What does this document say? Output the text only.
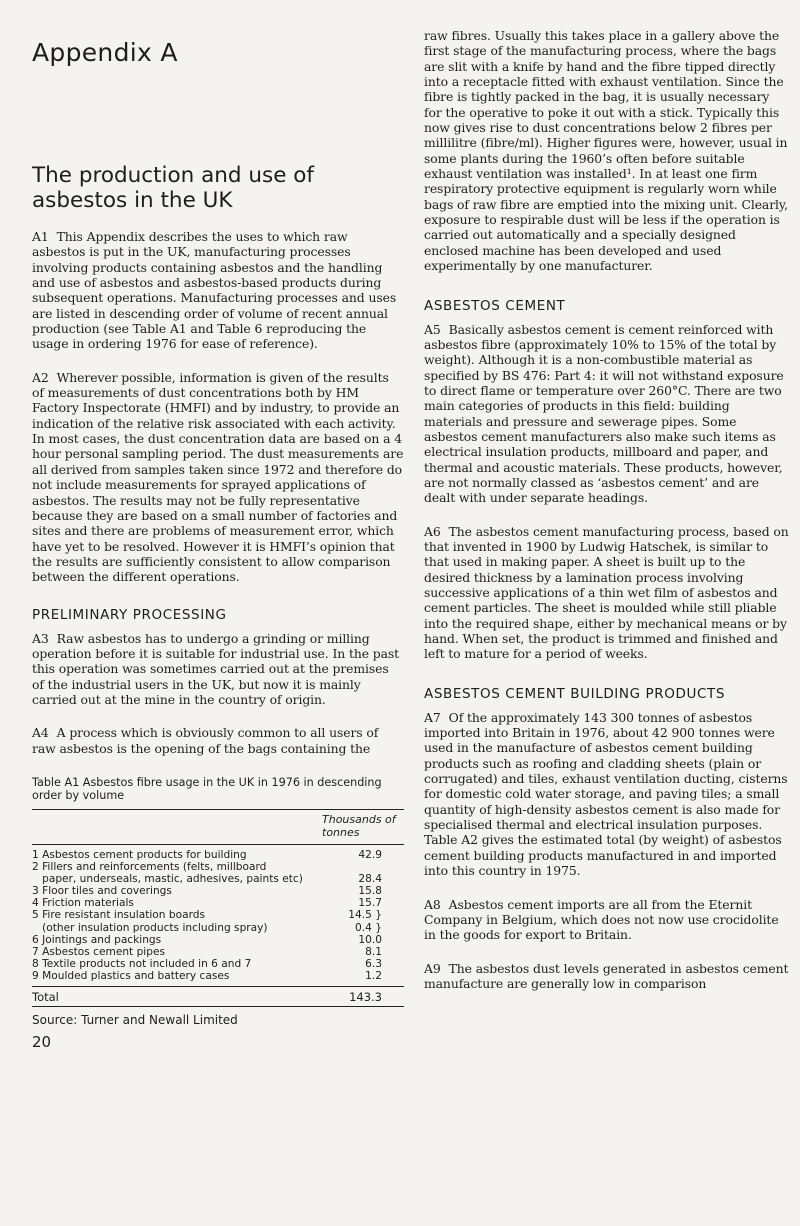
Appendix A
The production and use of
asbestos in the UK

A1 This Appendix describes the uses to which raw asbestos is put in the UK, manufacturing processes involving products containing asbestos and the handling and use of asbestos and asbestos-based products during subsequent operations. Manufacturing processes and uses are listed in descending order of volume of recent annual production (see Table A1 and Table 6 reproducing the usage in ordering 1976 for ease of reference).

A2 Wherever possible, information is given of the results of measurements of dust concentrations both by HM Factory Inspectorate (HMFI) and by industry, to provide an indication of the relative risk associated with each activity. In most cases, the dust concentration data are based on a 4 hour personal sampling period. The dust measurements are all derived from samples taken since 1972 and therefore do not include measurements for sprayed applications of asbestos. The results may not be fully representative because they are based on a small number of factories and sites and there are problems of measurement error, which have yet to be resolved. However it is HMFI’s opinion that the results are sufficiently consistent to allow comparison between the different operations.

PRELIMINARY PROCESSING

A3 Raw asbestos has to undergo a grinding or milling operation before it is suitable for industrial use. In the past this operation was sometimes carried out at the premises of the industrial users in the UK, but now it is mainly carried out at the mine in the country of origin.

A4 A process which is obviously common to all users of raw asbestos is the opening of the bags containing the

Table A1 Asbestos fibre usage in the UK in 1976 in descending order by volume

Thousands of tonnes
1 Asbestos cement products for building	42.9
2 Fillers and reinforcements (felts, millboard
paper, underseals, mastic, adhesives, paints etc)	28.4
3 Floor tiles and coverings	15.8
4 Friction materials	15.7
5 Fire resistant insulation boards	14.5 }
(other insulation products including spray)	0.4 }
6 Jointings and packings	10.0
7 Asbestos cement pipes	8.1
8 Textile products not included in 6 and 7	6.3
9 Moulded plastics and battery cases	1.2
Total	143.3

Source: Turner and Newall Limited

20

raw fibres. Usually this takes place in a gallery above the first stage of the manufacturing process, where the bags are slit with a knife by hand and the fibre tipped directly into a receptacle fitted with exhaust ventilation. Since the fibre is tightly packed in the bag, it is usually necessary for the operative to poke it out with a stick. Typically this now gives rise to dust concentrations below 2 fibres per millilitre (fibre/ml). Higher figures were, however, usual in some plants during the 1960’s often before suitable exhaust ventilation was installed¹. In at least one firm respiratory protective equipment is regularly worn while bags of raw fibre are emptied into the mixing unit. Clearly, exposure to respirable dust will be less if the operation is carried out automatically and a specially designed enclosed machine has been developed and used experimentally by one manufacturer.

ASBESTOS CEMENT

A5 Basically asbestos cement is cement reinforced with asbestos fibre (approximately 10% to 15% of the total by weight). Although it is a non-combustible material as specified by BS 476: Part 4: it will not withstand exposure to direct flame or temperature over 260°C. There are two main categories of products in this field: building materials and pressure and sewerage pipes. Some asbestos cement manufacturers also make such items as electrical insulation products, millboard and paper, and thermal and acoustic materials. These products, however, are not normally classed as ‘asbestos cement’ and are dealt with under separate headings.

A6 The asbestos cement manufacturing process, based on that invented in 1900 by Ludwig Hatschek, is similar to that used in making paper. A sheet is built up to the desired thickness by a lamination process involving successive applications of a thin wet film of asbestos and cement particles. The sheet is moulded while still pliable into the required shape, either by mechanical means or by hand. When set, the product is trimmed and finished and left to mature for a period of weeks.

ASBESTOS CEMENT BUILDING PRODUCTS

A7 Of the approximately 143 300 tonnes of asbestos imported into Britain in 1976, about 42 900 tonnes were used in the manufacture of asbestos cement building products such as roofing and cladding sheets (plain or corrugated) and tiles, exhaust ventilation ducting, cisterns for domestic cold water storage, and paving tiles; a small quantity of high-density asbestos cement is also made for specialised thermal and electrical insulation purposes. Table A2 gives the estimated total (by weight) of asbestos cement building products manufactured in and imported into this country in 1975.

A8 Asbestos cement imports are all from the Eternit Company in Belgium, which does not now use crocidolite in the goods for export to Britain.

A9 The asbestos dust levels generated in asbestos cement manufacture are generally low in comparison
